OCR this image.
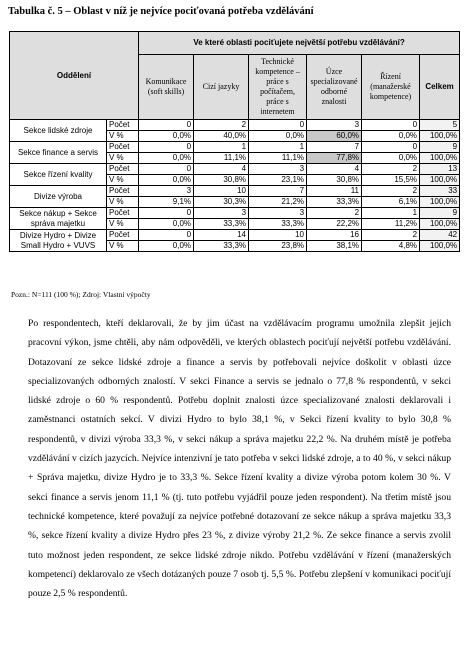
Tabulka č. 5 – Oblast v níž je nejvíce pociťovaná potřeba vzdělávání
Oddělení		Ve které oblasti pociťujete největší potřebu vzdělávání?					
		Komunikace (soft skills)	Cizí jazyky	Technické kompetence – práce s počítačem, práce s internetem	Úzce specializované odborné znalosti	Řízení (manažerské kompetence)	Celkem
Sekce lidské zdroje	Počet	0	2	0	3	0	5
	V %	0,0%	40,0%	0,0%	60,0%	0,0%	100,0%
Sekce finance a servis	Počet	0	1	1	7	0	9
	V %	0,0%	11,1%	11,1%	77,8%	0,0%	100,0%
Sekce řízení kvality	Počet	0	4	3	4	2	13
	V %	0,0%	30,8%	23,1%	30,8%	15,5%	100,0%
Divize výroba	Počet	3	10	7	11	2	33
	V %	9,1%	30,3%	21,2%	33,3%	6,1%	100,0%
Sekce nákup + Sekce správa majetku	Počet	0	3	3	2	1	9
	V %	0,0%	33,3%	33,3%	22,2%	11,2%	100,0%
Divize Hydro + Divize Small Hydro + VUVS	Počet	0	14	10	16	2	42
	V %	0,0%	33,3%	23,8%	38,1%	4,8%	100,0%
Pozn.: N=111 (100 %); Zdroj: Vlastní výpočty

Po respondentech, kteří deklarovali, že by jim účast na vzdělávacím programu umožnila zlepšit jejich pracovní výkon, jsme chtěli, aby nám odpověděli, ve kterých oblastech pociťují největší potřebu vzdělávání. Dotazovaní ze sekce lidské zdroje a finance a servis by potřebovali nejvíce doškolit v oblasti úzce specializovaných odborných znalostí. V sekci Finance a servis se jednalo o 77,8 % respondentů, v sekci lidské zdroje o 60 % respondentů. Potřebu doplnit znalosti úzce specializované znalosti deklarovali i zaměstnanci ostatních sekcí. V divizi Hydro to bylo 38,1 %, v Sekci řízení kvality to bylo 30,8 % respondentů, v divizi výroba 33,3 %, v sekci nákup a správa majetku 22,2 %. Na druhém místě je potřeba vzdělávání v cizích jazycích. Nejvíce intenzivní je tato potřeba v sekci lidské zdroje, a to 40 %, v sekci nákup + Správa majetku, divize Hydro je to 33,3 %. Sekce řízení kvality a divize výroba potom kolem 30 %. V sekci finance a servis jenom 11,1 % (tj. tuto potřebu vyjádřil pouze jeden respondent). Na třetím místě jsou technické kompetence, které považují za nejvíce potřebné dotazovaní ze sekce nákup a správa majetku 33,3 %, sekce řízení kvality a divize Hydro přes 23 %, z divize výroby 21,2 %. Ze sekce finance a servis zvolil tuto možnost jeden respondent, ze sekce lidské zdroje nikdo. Potřebu vzdělávání v řízení (manažerských kompetencí) deklarovalo ze všech dotázaných pouze 7 osob tj. 5,5 %. Potřebu zlepšení v komunikaci pociťují pouze 2,5 % respondentů.
